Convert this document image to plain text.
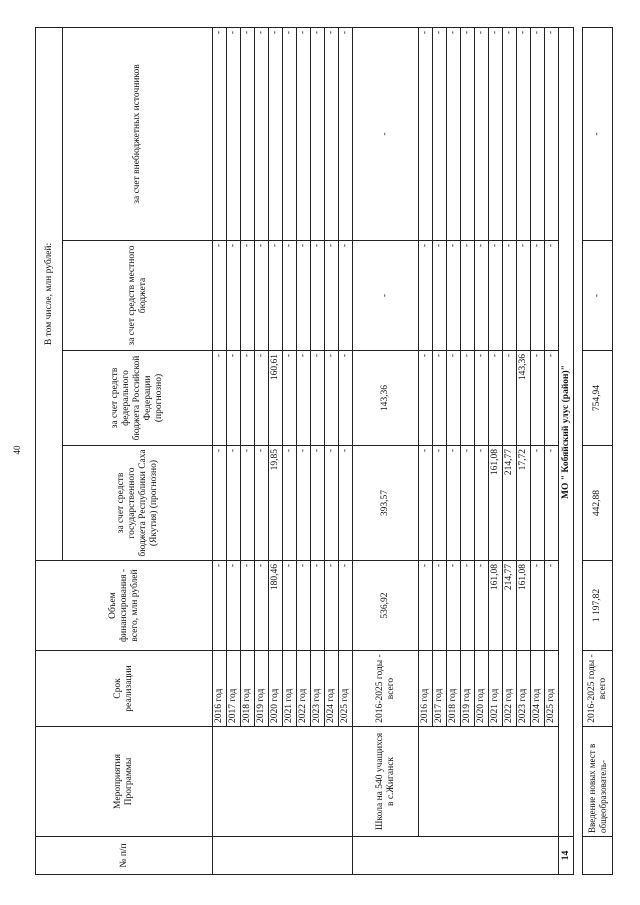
40
№ п/п	Мероприятия Программы	Срок реализации	Объем финансирования - всего, млн рублей	В том числе, млн рублей:			
				за счет средств государственного бюджета Республики Саха (Якутия) (прогнозно)	за счет средств федерального бюджета Российской Федерации (прогнозно)	за счет средств местного бюджета	за счет внебюджетных источников
		2016 год	-	-	-	-	-
		2017 год	-	-	-	-	-
		2018 год	-	-	-	-	-
		2019 год	-	-	-	-	-
		2020 год	180,46	19,85	160,61	-	-
		2021 год	-	-	-	-	-
		2022 год	-	-	-	-	-
		2023 год	-	-	-	-	-
		2024 год	-	-	-	-	-
		2025 год	-	-	-	-	-
	Школа на 540 учащихся в с.Жиганск	2016-2025 годы - всего	536,92	393,57	143,36	-	-
		2016 год	-	-	-	-	-
		2017 год	-	-	-	-	-
		2018 год	-	-	-	-	-
		2019 год	-	-	-	-	-
		2020 год	-	-	-	-	-
		2021 год	161,08	161,08	-	-	-
		2022 год	214,77	214,77	-	-	-
		2023 год	161,08	17,72	143,36	-	-
		2024 год	-	-	-	-	-
		2025 год	-	-	-	-	-
14	МО " Кобяйский улус (район)"						

	Введение новых мест в общеобразователь-	2016-2025 годы - всего	1 197,82	442,88	754,94	-	-
